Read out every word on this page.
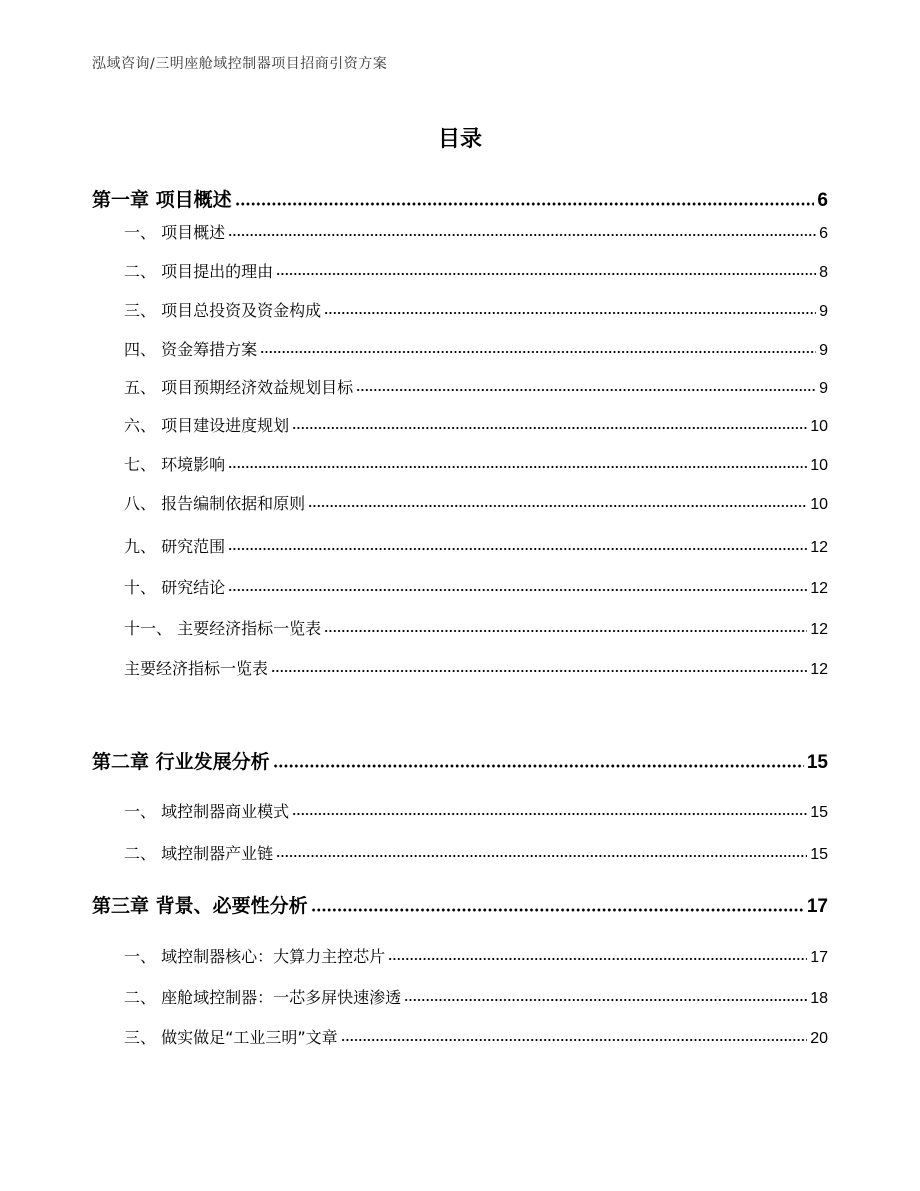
泓域咨询/三明座舱域控制器项目招商引资方案
目录
第一章 项目概述	6
一、 项目概述	6
二、 项目提出的理由	8
三、 项目总投资及资金构成	9
四、 资金筹措方案	9
五、 项目预期经济效益规划目标	9
六、 项目建设进度规划	10
七、 环境影响	10
八、 报告编制依据和原则	10
九、 研究范围	12
十、 研究结论	12
十一、 主要经济指标一览表	12
主要经济指标一览表	12
第二章 行业发展分析	15
一、 域控制器商业模式	15
二、 域控制器产业链	15
第三章 背景、必要性分析	17
一、 域控制器核心：大算力主控芯片	17
二、 座舱域控制器：一芯多屏快速渗透	18
三、 做实做足“工业三明”文章	20
